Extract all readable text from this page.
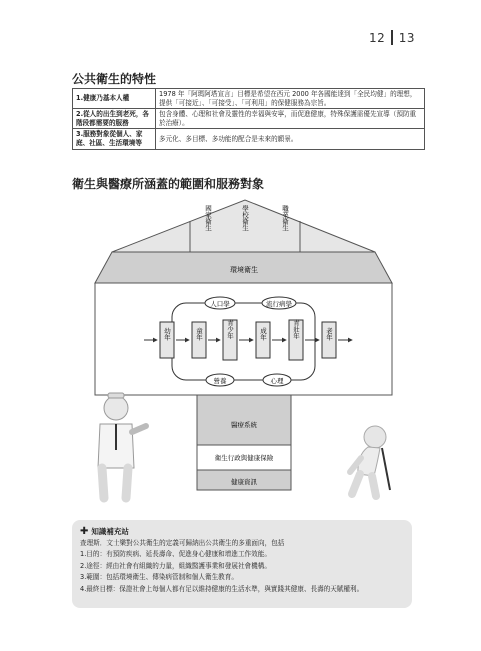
12 13
公共衛生的特性
1.健康乃基本人權	1978 年「阿瑪阿塔宣言」目標是希望在西元 2000 年各國能達到「全民均健」的理想，提供「可接近」、「可接受」、「可利用」的保健服務為宗旨。
2.從人的出生到老死，各階段都需要的服務	包含身體、心理和社會及靈性的幸福與安寧，而促進健康，特殊保護需優先宣導（預防重於治療）。
3.服務對象從個人、家庭、社區、生活環境等	多元化、多目標、多功能的配合是未來的願景。
衛生與醫療所涵蓋的範圍和服務對象
國家衛生	學校衛生	職業衛生
環境衛生
人口學	流行病學
營養	心理
幼年	童年	青少年	成年	青壯年	老年
醫療系統
衛生行政與健康保險
健康資訊
✚ 知識補充站
查理斯．文士樂對公共衛生的定義可歸納出公共衛生的多重面向，包括
1.目的：有預防疾病、延長壽命、促進身心健康和增進工作效能。
2.途徑：經由社會有組織的力量，組織醫護事業和發展社會機構。
3.範圍：包括環境衛生、傳染病管制和個人衛生教育。
4.最終目標：保證社會上每個人都有足以維持健康的生活水準，與實踐其健康、長壽的天賦權利。
